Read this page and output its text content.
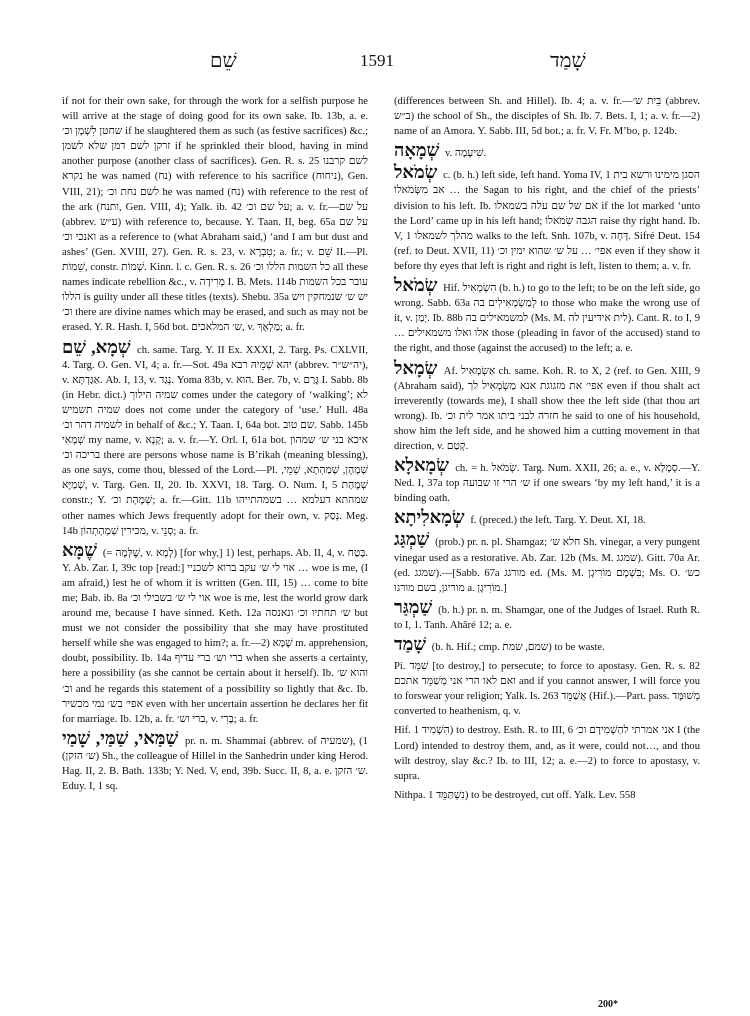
שֵׁם	1591	שָׁמַד

if not for their own sake, for through the work for a selfish purpose he will arrive at the stage of doing good for its own sake. Ib. 13b, a. e. שחטן לִשְׁמָן וכ׳ if he slaughtered them as such (as festive sacrifices) &c.; זרקן לשם דמן שלא לשמן if he sprinkled their blood, having in mind another purpose (another class of sacrifices). Gen. R. s. 25 לשם קרבנו נקרא he was named (נח) with reference to his sacrifice (ניחוח), Gen. VIII, 21); לשם נחת וכ׳ he was named (נח) with reference to the rest of the ark (ותנח, Gen. VIII, 4); Yalk. ib. 42 על שם וכ׳; a. v. fr.—על שם (abbrev. ע״ש) with reference to, because. Y. Taan. II, beg. 65a על שם ואנכי וכ׳ as a reference to (what Abraham said,) ‘and I am but dust and ashes’ (Gen. XVIII, 27). Gen. R. s. 23, v. טִבְרָא; a. fr.; v. שֵׁם II.—Pl. שֵׁמוֹת, constr. שְׁמוֹת. Kinn. l. c. Gen. R. s. 26 כל השמות הללו וכ׳ all these names indicate rebellion &c., v. מְרִידָה I. B. Mets. 114b עובר בכל השמות הללו is guilty under all these titles (texts). Shebu. 35a יש ש׳ שנמחקין ויש וכ׳ there are divine names which may be erased, and such as may not be erased. Y. R. Hash. I, 56d bot. ש׳ המלאכים, v. מַלְאָךְ; a. fr.

שְׁמָא, שֵׁם ch. same. Targ. Y. II Ex. XXXI, 2. Targ. Ps. CXLVII, 4. Targ. O. Gen. VI, 4; a. fr.—Sot. 49a יהא שְׁמֵיהּ רבא (abbrev. יה״ש״ר), v. אַגַּדְתָּא. Ab. I, 13, v. נְגַד. Yoma 83b, v. הוּא. Ber. 7b, v. גָּרַם I. Sabb. 8b (in Hebr. dict.) שמיה הילוך comes under the category of ‘walking’; לא שמיה תשמיש does not come under the category of ‘use.’ Hull. 48a לשמיה דהר וכ׳ in behalf of &c.; Y. Taan. I, 64a bot. שם טוב. Sabb. 145b שְׁמָאִי my name, v. קְנָא; a. v. fr.—Y. Orl. I, 61a bot. איכא בני ש׳ שמהון בריכה וכ׳ there are persons whose name is B’rikah (meaning blessing), as one says, come thou, blessed of the Lord.—Pl. שְׁמָהָן, שְׁמַהְתָא, שְׁמֵי, שְׁמַיָּא, v. Targ. Gen. II, 20. Ib. XXVI, 18. Targ. O. Num. I, 5 שְׁמָהַת constr.; Y. שְׁמָהָת וכ׳; a. fr.—Gitt. 11b שמהתא דעלמא … בשמהתייהו other names which Jews frequently adopt for their own, v. נְסַק. Meg. 14b מכירין שְׁמְהָתְהוֹן, v. סְנֵי; a. fr.

שֶׁמָּא (= שֶׁלְּמָה, v. לְמָא) [for why,] 1) lest, perhaps. Ab. II, 4, v. בָּטַח. Y. Ab. Zar. I, 39c top [read:] אוי לי ש׳ עקב ברוא לשכניי … woe is me, (I am afraid,) lest he of whom it is written (Gen. III, 15) … come to bite me; Bab. ib. 8a אוי לי ש׳ בשבילי וכ׳ woe is me, lest the world grow dark around me, because I have sinned. Keth. 12a ש׳ תחתיו וכ׳ ונאנסה but must we not consider the possibility that she may have prostituted herself while she was engaged to him?; a. fr.—2) שֶׁמָּא m. apprehension, doubt, possibility. Ib. 14a ברי וש׳ ברי עדיף when she asserts a certainty, here a possibility (as she cannot be certain about it herself). Ib. והוא ש׳ וכ׳ and he regards this statement of a possibility so lightly that &c. Ib. אפי׳ בש׳ נמי מכשיר even with her uncertain assertion he declares her fit for marriage. Ib. 12b, a. fr. ברי וש׳, v. בָּרִי; a. fr.

שַׁמַּאי, שַׁמַּי, שָׁמַי pr. n. m. Shammai (abbrev. of שמעיה), 1) (ש׳ הזקן) Sh., the colleague of Hillel in the Sanhedrin under king Herod. Hag. II, 2. B. Bath. 133b; Y. Ned. V, end, 39b. Succ. II, 8, a. e. ש׳ הזקן. Eduy. I, 1 sq.

(differences between Sh. and Hillel). Ib. 4; a. v. fr.—בֵּית ש׳ (abbrev. ב״ש) the school of Sh., the disciples of Sh. Ib. 7. Bets. I, 1; a. v. fr.—2) name of an Amora. Y. Sabb. III, 5d bot.; a. fr. V. Fr. M’bo, p. 124b.

שְׁמָאָה v. שִׁיעָמָה.

שְׂמֹאל c. (b. h.) left side, left hand. Yoma IV, 1 הסגן מימינו ורשא בית אב מִשְּׂמֹאלוֹ … the Sagan to his right, and the chief of the priests’ division to his left. Ib. אם של שם עלה בשמאלו if the lot marked ‘unto the Lord’ came up in his left hand; הגבה שִׂמֹאלוֹ raise thy right hand. Ib. V, 1 מהלך לשמאלו walks to the left. Snh. 107b, v. דָּחָה. Sifré Deut. 154 (ref. to Deut. XVII, 11) אפי׳ … על ש׳ שהוא ימין וכ׳ even if they show it before thy eyes that left is right and right is left, listen to them; a. v. fr.

שְׂמֹאל Hif. הִשְׂמְאִיל (b. h.) to go to the left; to be on the left side, go wrong. Sabb. 63a לְמַשְׂמְאִילִים בה to those who make the wrong use of it, v. יָמַן. Ib. 88b למשמאילים בה (Ms. M. לית אידיעין לה). Cant. R. to I, 9 … אלו ואלו משמאילים those (pleading in favor of the accused) stand to the right, and those (against the accused) to the left; a. e.

שְׂמָאל Af. אַשְׂמְאִיל ch. same. Koh. R. to X, 2 (ref. to Gen. XIII, 9 (Abraham said), אפי׳ את מזגוגת אנא מַשְׂמְאִיל לך even if thou shalt act irreverently (towards me), I shall show thee the left side (that thou art wrong). Ib. חזרה לבני ביתו אמר לית וכ׳ he said to one of his household, show him the left side, and he showed him a cutting movement in that direction, v. קְטַם.

שְׂמָאלָא ch. = h. שְׂמֹאל. Targ. Num. XXII, 26; a. e., v. סְמָלָא.—Y. Ned. I, 37a top ש׳ הרי זו שבועה if one swears ‘by my left hand,’ it is a binding oath.

שְׂמָאלִיתָא f. (preced.) the left. Targ. Y. Deut. XI, 18.

שַׁמְגַּג (prob.) pr. n. pl. Shamgaz; חלא ש׳ Sh. vinegar, a very pungent vinegar used as a restorative. Ab. Zar. 12b (Ms. M. שמגג). Gitt. 70a Ar. (ed. שמגג).—[Sabb. 67a מורגג ed. (Ms. M. בִּשְׁמָם מוֹרִיגָן; Ms. O. כש׳ מוריגן, בשם מורגו a. מוֹרִיגָן.]

שַׁמְגַּר (b. h.) pr. n. m. Shamgar, one of the Judges of Israel. Ruth R. to I, 1. Tanh. Ahăré 12; a. e.

שָׁמַד (b. h. Hif.; cmp. שמם, שמת) to be waste.

Pi. שִׁמֵּד [to destroy,] to persecute; to force to apostasy. Gen. R. s. 82 ואם לאו הרי אני מְשַׁמֵּד אתכם and if you cannot answer, I will force you to forswear your religion; Yalk. Is. 263 אֲשַׁמֵּד (Hif.).—Part. pass. מְשׁוּמָּד converted to heathenism, q. v.

Hif. הִשְׁמִיד 1) to destroy. Esth. R. to III, 6 אני אמרתי להַשְׁמִידָם וכ׳ I (the Lord) intended to destroy them, and, as it were, could not…, and thou wilt destroy, slay &c.? Ib. to III, 12; a. e.—2) to force to apostasy, v. supra.

Nithpa. נִשְׁתַּמֵּד 1) to be destroyed, cut off. Yalk. Lev. 558

200*
